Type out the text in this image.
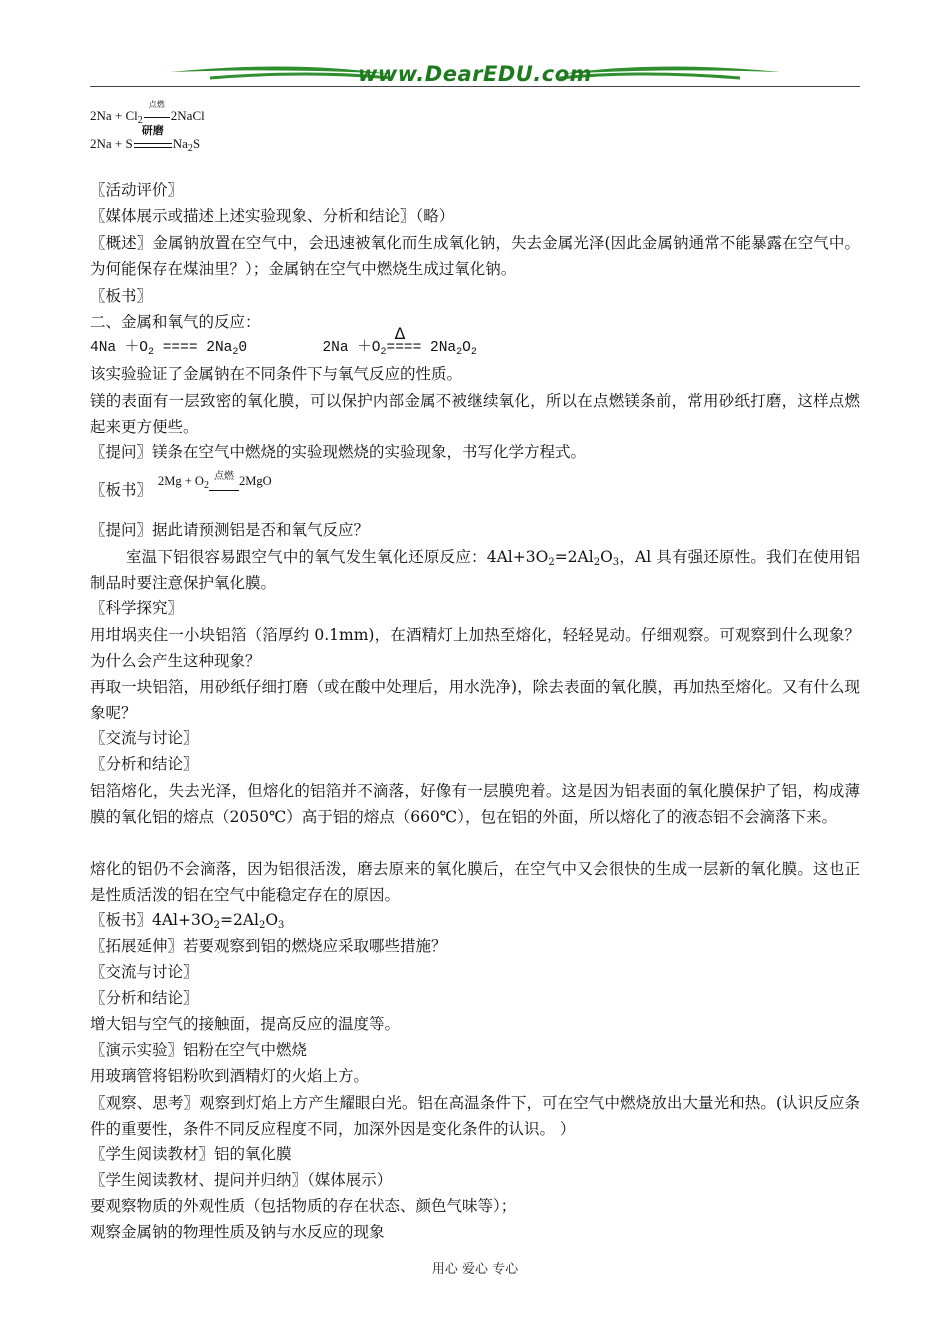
www.DearEDU.com
$2Na + Cl_2$
点燃
2NaCl
2Na + S
研磨
$Na_2S$
〖活动评价〗
〖媒体展示或描述上述实验现象、分析和结论〗（略）
〖概述〗金属钠放置在空气中，会迅速被氧化而生成氧化钠，失去金属光泽(因此金属钠通常不能暴露在空气中。为何能保存在煤油里？）；金属钠在空气中燃烧生成过氧化钠。
〖板书〗
二、金属和氧气的反应：
$4Na +O_2$ ==== $2Na_20$	$2Na +O_2$
Δ
==== $2Na_2O_2$
该实验验证了金属钠在不同条件下与氧气反应的性质。
镁的表面有一层致密的氧化膜，可以保护内部金属不被继续氧化，所以在点燃镁条前，常用砂纸打磨，这样点燃起来更方便些。
〖提问〗镁条在空气中燃烧的实验现燃烧的实验现象，书写化学方程式。
〖板书〗 $2Mg + O_2$
点燃 2MgO
〖提问〗据此请预测铝是否和氧气反应？
室温下铝很容易跟空气中的氧气发生氧化还原反应：$4Al+3O_2=2Al_2O_3$，Al 具有强还原性。我们在使用铝制品时要注意保护氧化膜。
〖科学探究〗
用坩埚夹住一小块铝箔（箔厚约 0.1mm)，在酒精灯上加热至熔化，轻轻晃动。仔细观察。可观察到什么现象？为什么会产生这种现象？
再取一块铝箔，用砂纸仔细打磨（或在酸中处理后，用水洗净)，除去表面的氧化膜，再加热至熔化。又有什么现象呢？
〖交流与讨论〗
〖分析和结论〗
铝箔熔化，失去光泽，但熔化的铝箔并不滴落，好像有一层膜兜着。这是因为铝表面的氧化膜保护了铝，构成薄膜的氧化铝的熔点（2050℃）高于铝的熔点（660℃），包在铝的外面，所以熔化了的液态铝不会滴落下来。
熔化的铝仍不会滴落，因为铝很活泼，磨去原来的氧化膜后，在空气中又会很快的生成一层新的氧化膜。这也正是性质活泼的铝在空气中能稳定存在的原因。
〖板书〗$4Al+3O_2=2Al_2O_3$
〖拓展延伸〗若要观察到铝的燃烧应采取哪些措施？
〖交流与讨论〗
〖分析和结论〗
增大铝与空气的接触面，提高反应的温度等。
〖演示实验〗铝粉在空气中燃烧
用玻璃管将铝粉吹到酒精灯的火焰上方。
〖观察、思考〗观察到灯焰上方产生耀眼白光。铝在高温条件下，可在空气中燃烧放出大量光和热。(认识反应条件的重要性，条件不同反应程度不同，加深外因是变化条件的认识。 ）
〖学生阅读教材〗铝的氧化膜
〖学生阅读教材、提问并归纳〗（媒体展示）
要观察物质的外观性质（包括物质的存在状态、颜色气味等）；
观察金属钠的物理性质及钠与水反应的现象
用心 爱心 专心
